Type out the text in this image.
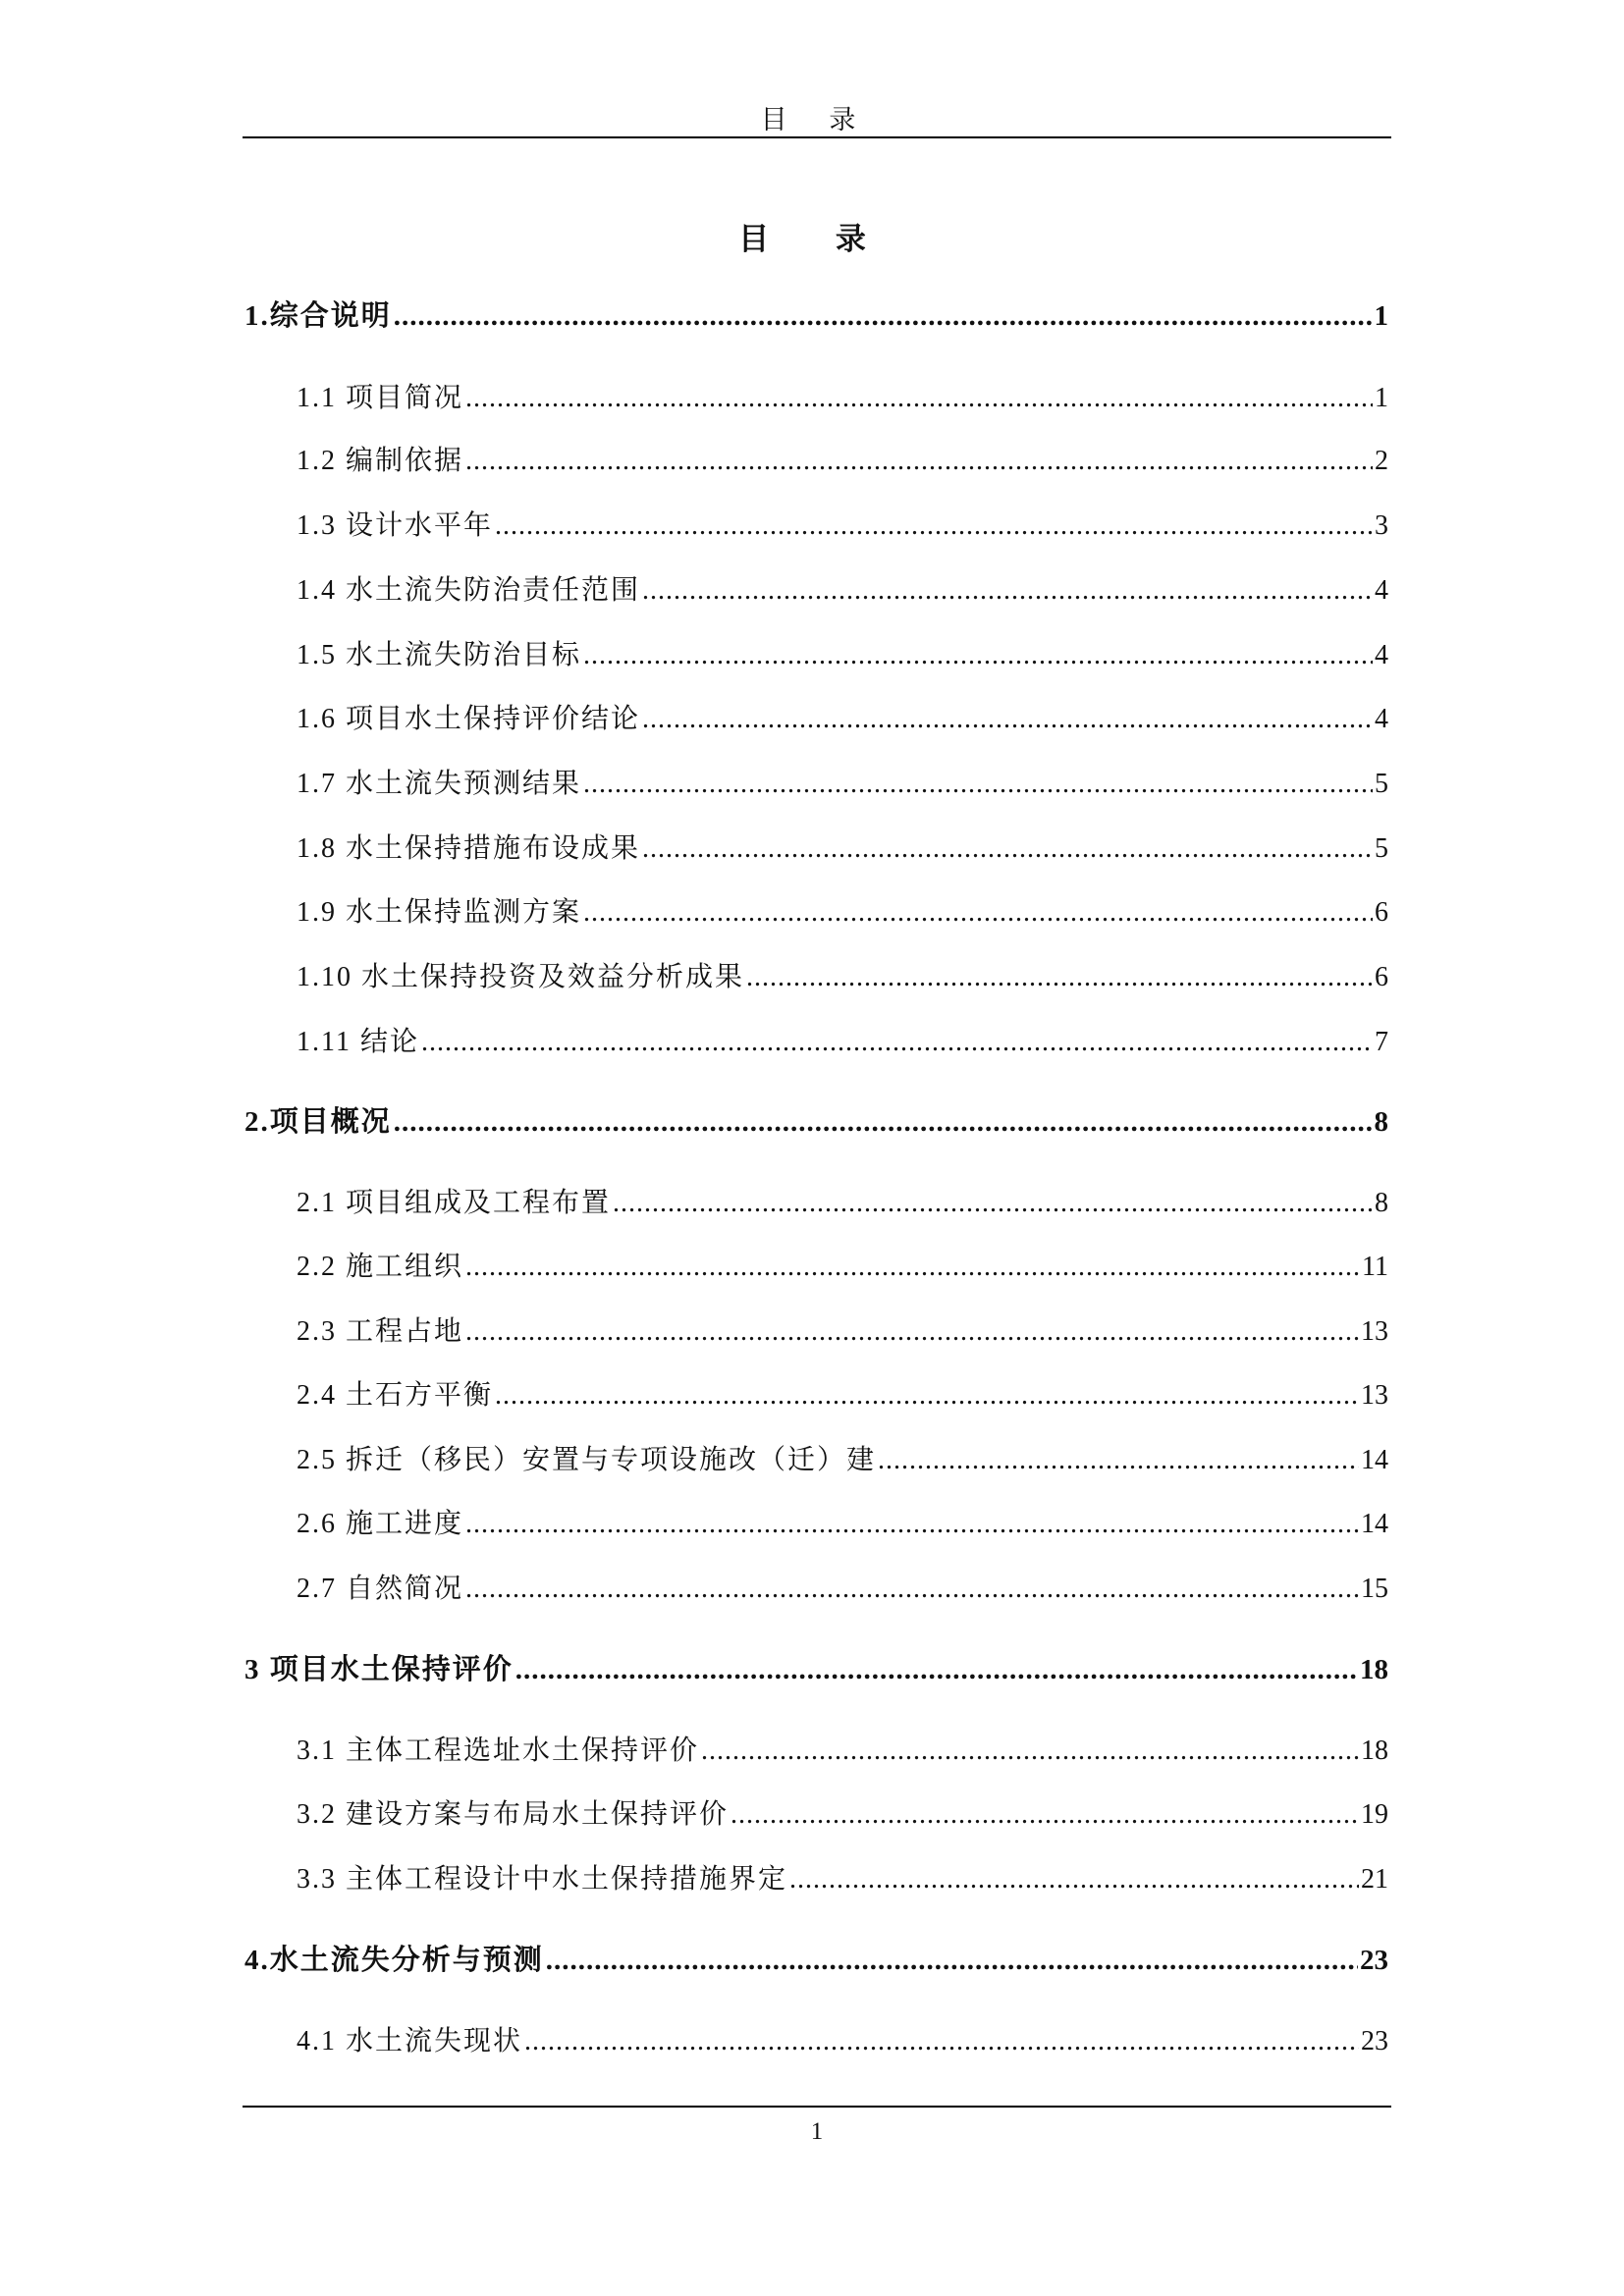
目 录
目 录
1.综合说明 .....	1
1.1 项目简况 .....	1
1.2 编制依据 .....	2
1.3 设计水平年 .....	3
1.4 水土流失防治责任范围 .....	4
1.5 水土流失防治目标 .....	4
1.6 项目水土保持评价结论 .....	4
1.7 水土流失预测结果 .....	5
1.8 水土保持措施布设成果 .....	5
1.9 水土保持监测方案 .....	6
1.10 水土保持投资及效益分析成果 .....	6
1.11 结论 .....	7
2.项目概况 .....	8
2.1 项目组成及工程布置 .....	8
2.2 施工组织 .....	11
2.3 工程占地 .....	13
2.4 土石方平衡 .....	13
2.5 拆迁（移民）安置与专项设施改（迁）建 .....	14
2.6 施工进度 .....	14
2.7 自然简况 .....	15
3 项目水土保持评价 .....	18
3.1 主体工程选址水土保持评价 .....	18
3.2 建设方案与布局水土保持评价 .....	19
3.3 主体工程设计中水土保持措施界定 .....	21
4.水土流失分析与预测 .....	23
4.1 水土流失现状 .....	23
1
